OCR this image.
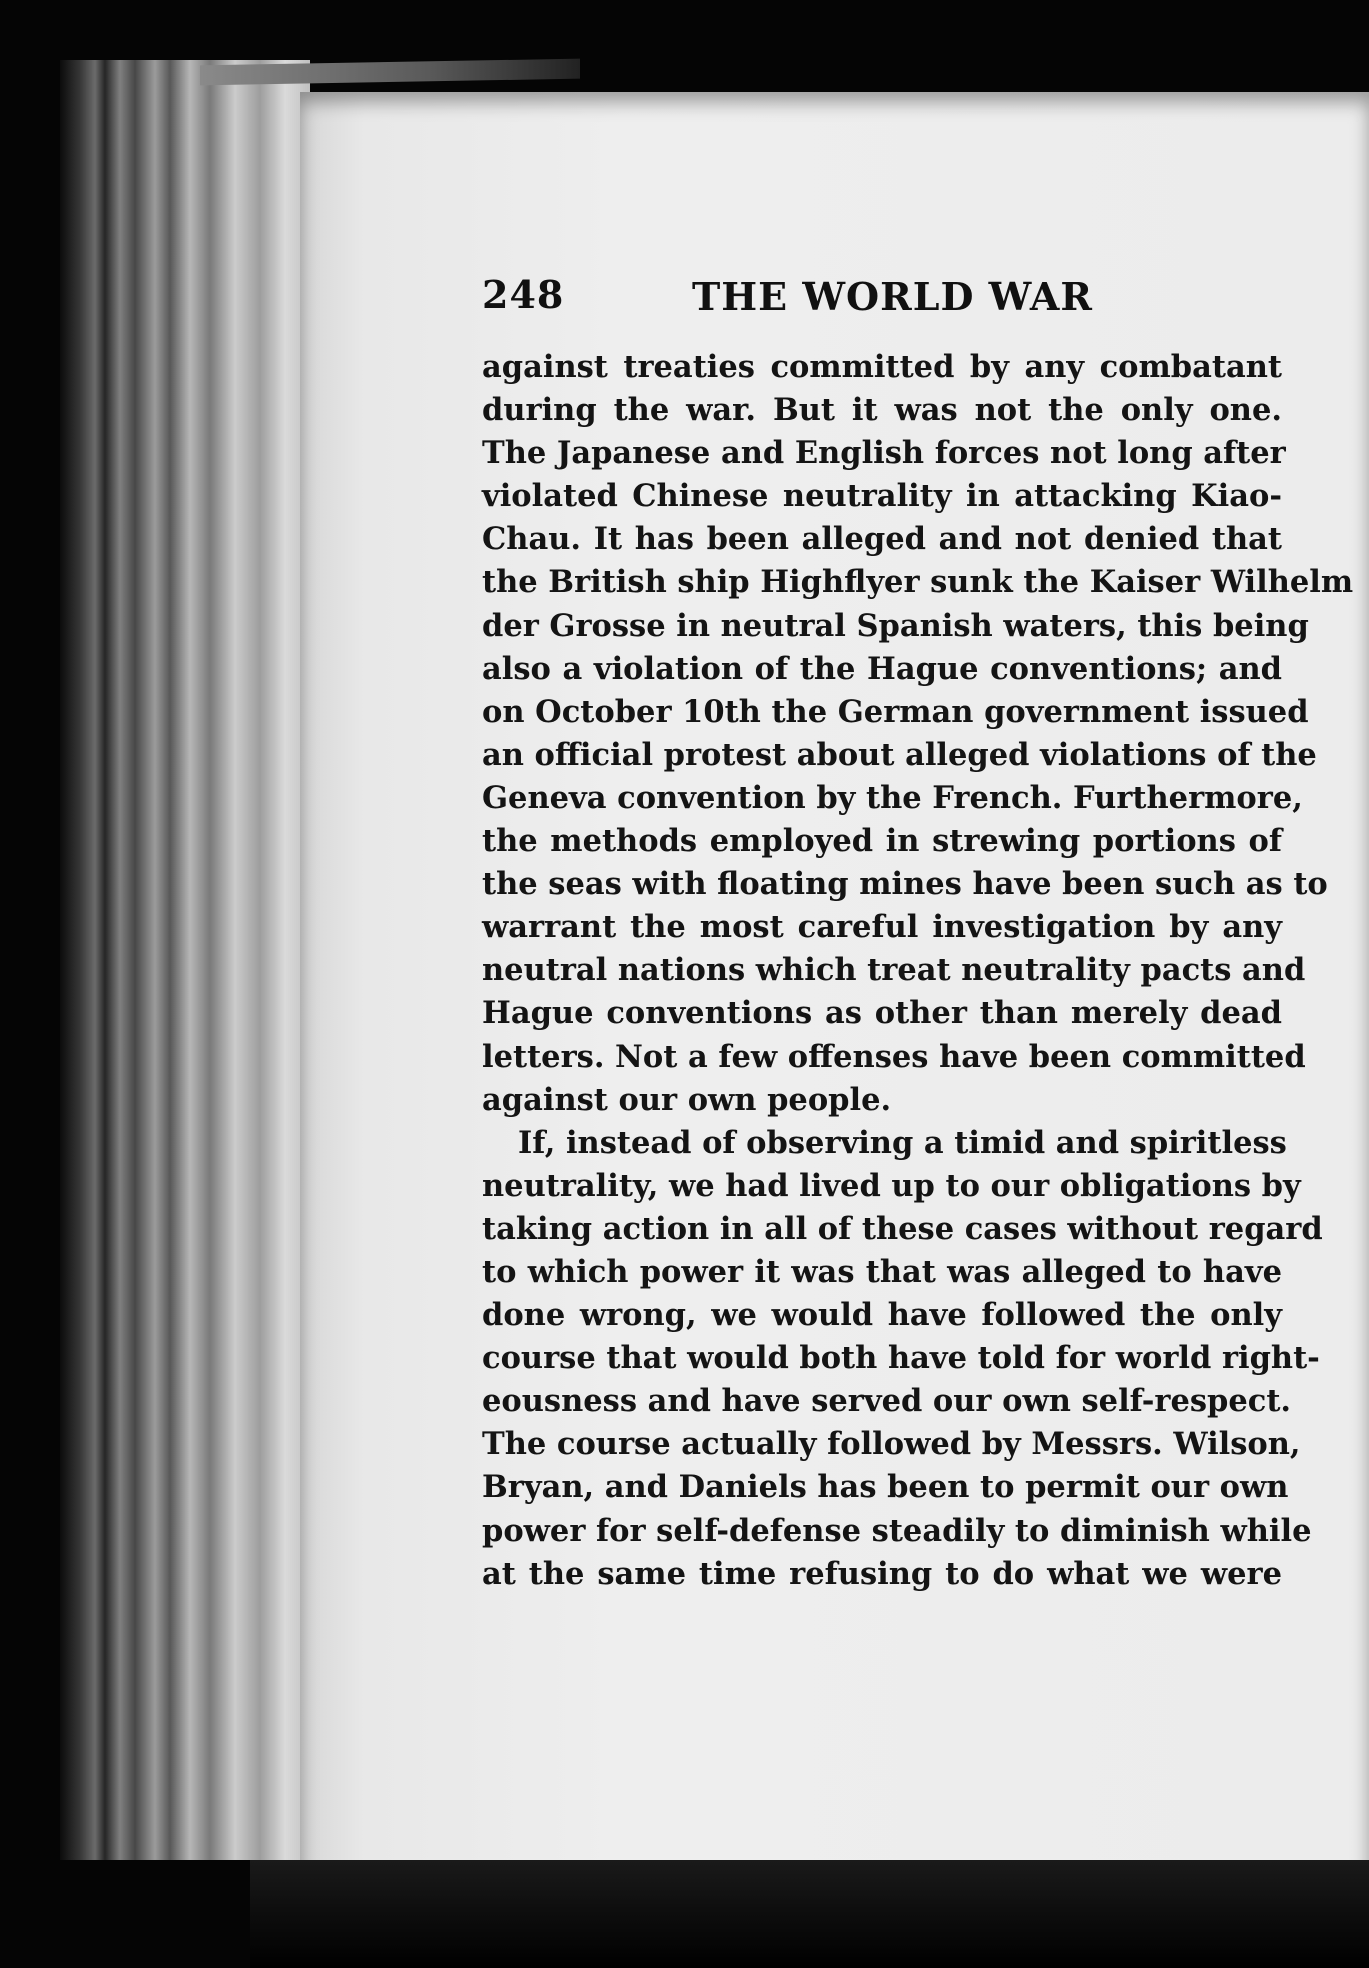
248	THE WORLD WAR
against treaties committed by any combatant
during the war. But it was not the only one.
The Japanese and English forces not long after
violated Chinese neutrality in attacking Kiao-
Chau. It has been alleged and not denied that
the British ship Highflyer sunk the Kaiser Wilhelm
der Grosse in neutral Spanish waters, this being
also a violation of the Hague conventions; and
on October 10th the German government issued
an official protest about alleged violations of the
Geneva convention by the French. Furthermore,
the methods employed in strewing portions of
the seas with floating mines have been such as to
warrant the most careful investigation by any
neutral nations which treat neutrality pacts and
Hague conventions as other than merely dead
letters. Not a few offenses have been committed
against our own people.
If, instead of observing a timid and spiritless
neutrality, we had lived up to our obligations by
taking action in all of these cases without regard
to which power it was that was alleged to have
done wrong, we would have followed the only
course that would both have told for world right-
eousness and have served our own self-respect.
The course actually followed by Messrs. Wilson,
Bryan, and Daniels has been to permit our own
power for self-defense steadily to diminish while
at the same time refusing to do what we were
